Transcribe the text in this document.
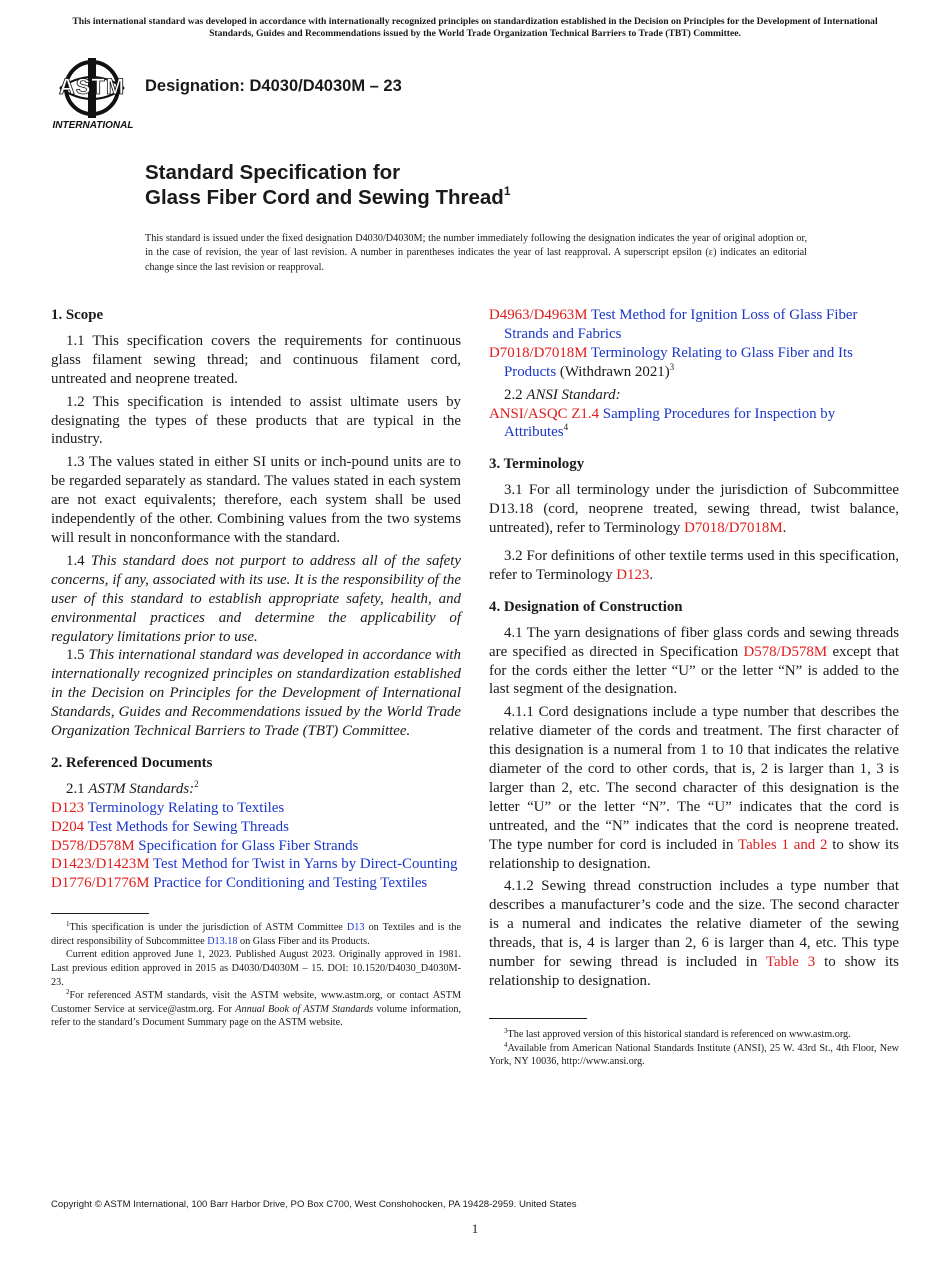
This international standard was developed in accordance with internationally recognized principles on standardization established in the Decision on Principles for the Development of International Standards, Guides and Recommendations issued by the World Trade Organization Technical Barriers to Trade (TBT) Committee.
ASTM
INTERNATIONAL
Designation: D4030/D4030M – 23
Standard Specification for
Glass Fiber Cord and Sewing Thread$^1$
This standard is issued under the fixed designation D4030/D4030M; the number immediately following the designation indicates the year of original adoption or, in the case of revision, the year of last revision. A number in parentheses indicates the year of last reapproval. A superscript epsilon (ε) indicates an editorial change since the last revision or reapproval.
1. Scope

1.1 This specification covers the requirements for continuous glass filament sewing thread; and continuous filament cord, untreated and neoprene treated.

1.2 This specification is intended to assist ultimate users by designating the types of these products that are typical in the industry.

1.3 The values stated in either SI units or inch-pound units are to be regarded separately as standard. The values stated in each system are not exact equivalents; therefore, each system shall be used independently of the other. Combining values from the two systems will result in nonconformance with the standard.

1.4 This standard does not purport to address all of the safety concerns, if any, associated with its use. It is the responsibility of the user of this standard to establish appropriate safety, health, and environmental practices and determine the applicability of regulatory limitations prior to use.

1.5 This international standard was developed in accordance with internationally recognized principles on standardization established in the Decision on Principles for the Development of International Standards, Guides and Recommendations issued by the World Trade Organization Technical Barriers to Trade (TBT) Committee.

2. Referenced Documents

2.1 ASTM Standards:$^2$

D123 Terminology Relating to Textiles

D204 Test Methods for Sewing Threads

D578/D578M Specification for Glass Fiber Strands

D1423/D1423M Test Method for Twist in Yarns by Direct-Counting

D1776/D1776M Practice for Conditioning and Testing Textiles

$^1$This specification is under the jurisdiction of ASTM Committee D13 on Textiles and is the direct responsibility of Subcommittee D13.18 on Glass Fiber and its Products.

Current edition approved June 1, 2023. Published August 2023. Originally approved in 1981. Last previous edition approved in 2015 as D4030/D4030M – 15. DOI: 10.1520/D4030_D4030M-23.

$^2$For referenced ASTM standards, visit the ASTM website, www.astm.org, or contact ASTM Customer Service at service@astm.org. For Annual Book of ASTM Standards volume information, refer to the standard’s Document Summary page on the ASTM website.

D4963/D4963M Test Method for Ignition Loss of Glass Fiber Strands and Fabrics

D7018/D7018M Terminology Relating to Glass Fiber and Its Products (Withdrawn 2021)$^3$

2.2 ANSI Standard:

ANSI/ASQC Z1.4 Sampling Procedures for Inspection by Attributes$^4$

3. Terminology

3.1 For all terminology under the jurisdiction of Subcommittee D13.18 (cord, neoprene treated, sewing thread, twist balance, untreated), refer to Terminology D7018/D7018M.

3.2 For definitions of other textile terms used in this specification, refer to Terminology D123.

4. Designation of Construction

4.1 The yarn designations of fiber glass cords and sewing threads are specified as directed in Specification D578/D578M except that for the cords either the letter “U” or the letter “N” is added to the last segment of the designation.

4.1.1 Cord designations include a type number that describes the relative diameter of the cords and treatment. The first character of this designation is a numeral from 1 to 10 that indicates the relative diameter of the cord to other cords, that is, 2 is larger than 1, 3 is larger than 2, etc. The second character of this designation is the letter “U” or the letter “N”. The “U” indicates that the cord is untreated, and the “N” indicates that the cord is neoprene treated. The type number for cord is included in Tables 1 and 2 to show its relationship to designation.

4.1.2 Sewing thread construction includes a type number that describes a manufacturer’s code and the size. The second character is a numeral and indicates the relative diameter of the sewing threads, that is, 4 is larger than 2, 6 is larger than 4, etc. This type number for sewing thread is included in Table 3 to show its relationship to designation.

$^3$The last approved version of this historical standard is referenced on www.astm.org.

$^4$Available from American National Standards Institute (ANSI), 25 W. 43rd St., 4th Floor, New York, NY 10036, http://www.ansi.org.

Copyright © ASTM International, 100 Barr Harbor Drive, PO Box C700, West Conshohocken, PA 19428-2959. United States
1
